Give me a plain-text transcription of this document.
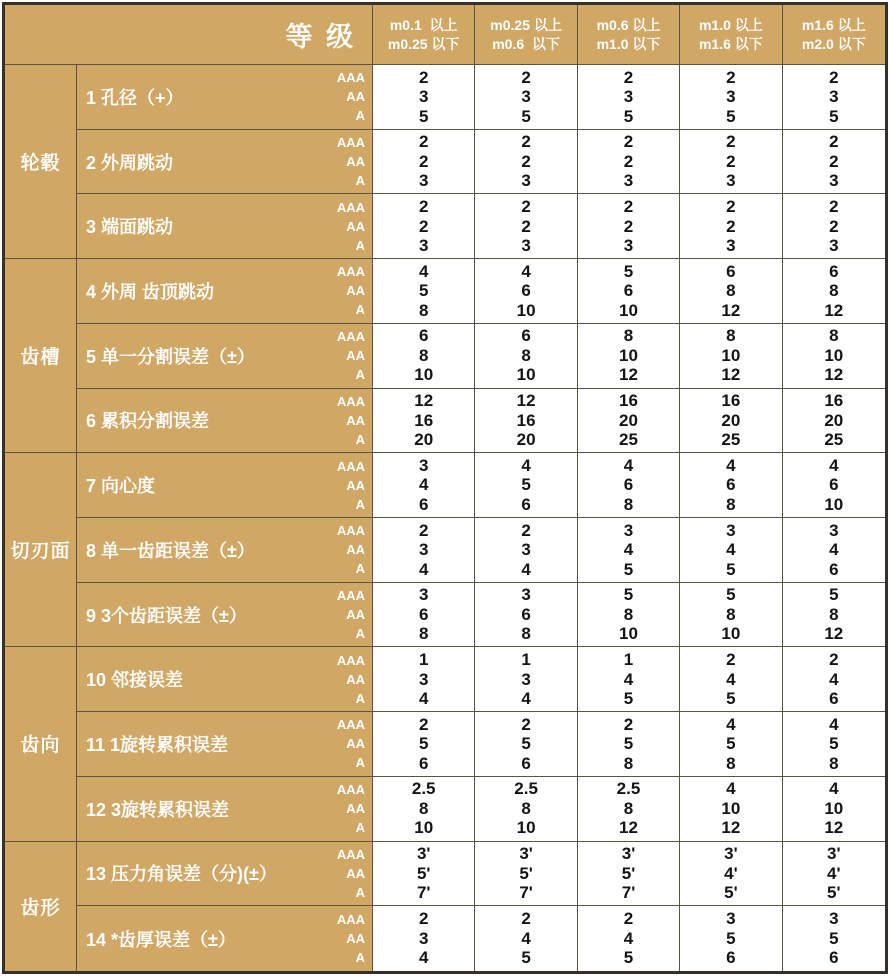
等 级 m0.1  以上
m0.25 以下
m0.25 以上
m0.6  以下
m0.6 以上
m1.0 以下
m1.0 以上
m1.6 以下
m1.6 以上
m2.0 以下
轮毂
1 孔径（+）
AAA
AA
A
2
3
5
2
3
5
2
3
5
2
3
5
2
3
5
2 外周跳动
AAA
AA
A
2
2
3
2
2
3
2
2
3
2
2
3
2
2
3
3 端面跳动
AAA
AA
A
2
2
3
2
2
3
2
2
3
2
2
3
2
2
3
齿槽
4 外周 齿顶跳动
AAA
AA
A
4
5
8
4
6
10
5
6
10
6
8
12
6
8
12
5 单一分割误差（±）
AAA
AA
A
6
8
10
6
8
10
8
10
12
8
10
12
8
10
12
6 累积分割误差
AAA
AA
A
12
16
20
12
16
20
16
20
25
16
20
25
16
20
25
切刃面
7 向心度
AAA
AA
A
3
4
6
4
5
6
4
6
8
4
6
8
4
6
10
8 单一齿距误差（±）
AAA
AA
A
2
3
4
2
3
4
3
4
5
3
4
5
3
4
6
9 3个齿距误差（±）
AAA
AA
A
3
6
8
3
6
8
5
8
10
5
8
10
5
8
12
齿向
10 邻接误差
AAA
AA
A
1
3
4
1
3
4
1
4
5
2
4
5
2
4
6
11 1旋转累积误差
AAA
AA
A
2
5
6
2
5
6
2
5
8
4
5
8
4
5
8
12 3旋转累积误差
AAA
AA
A
2.5
8
10
2.5
8
10
2.5
8
12
4
10
12
4
10
12
齿形
13 压力角误差（分)(±）
AAA
AA
A
3'
5'
7'
3'
5'
7'
3'
5'
7'
3'
4'
5'
3'
4'
5'
14 *齿厚误差（±）
AAA
AA
A
2
3
4
2
4
5
2
4
5
3
5
6
3
5
6
